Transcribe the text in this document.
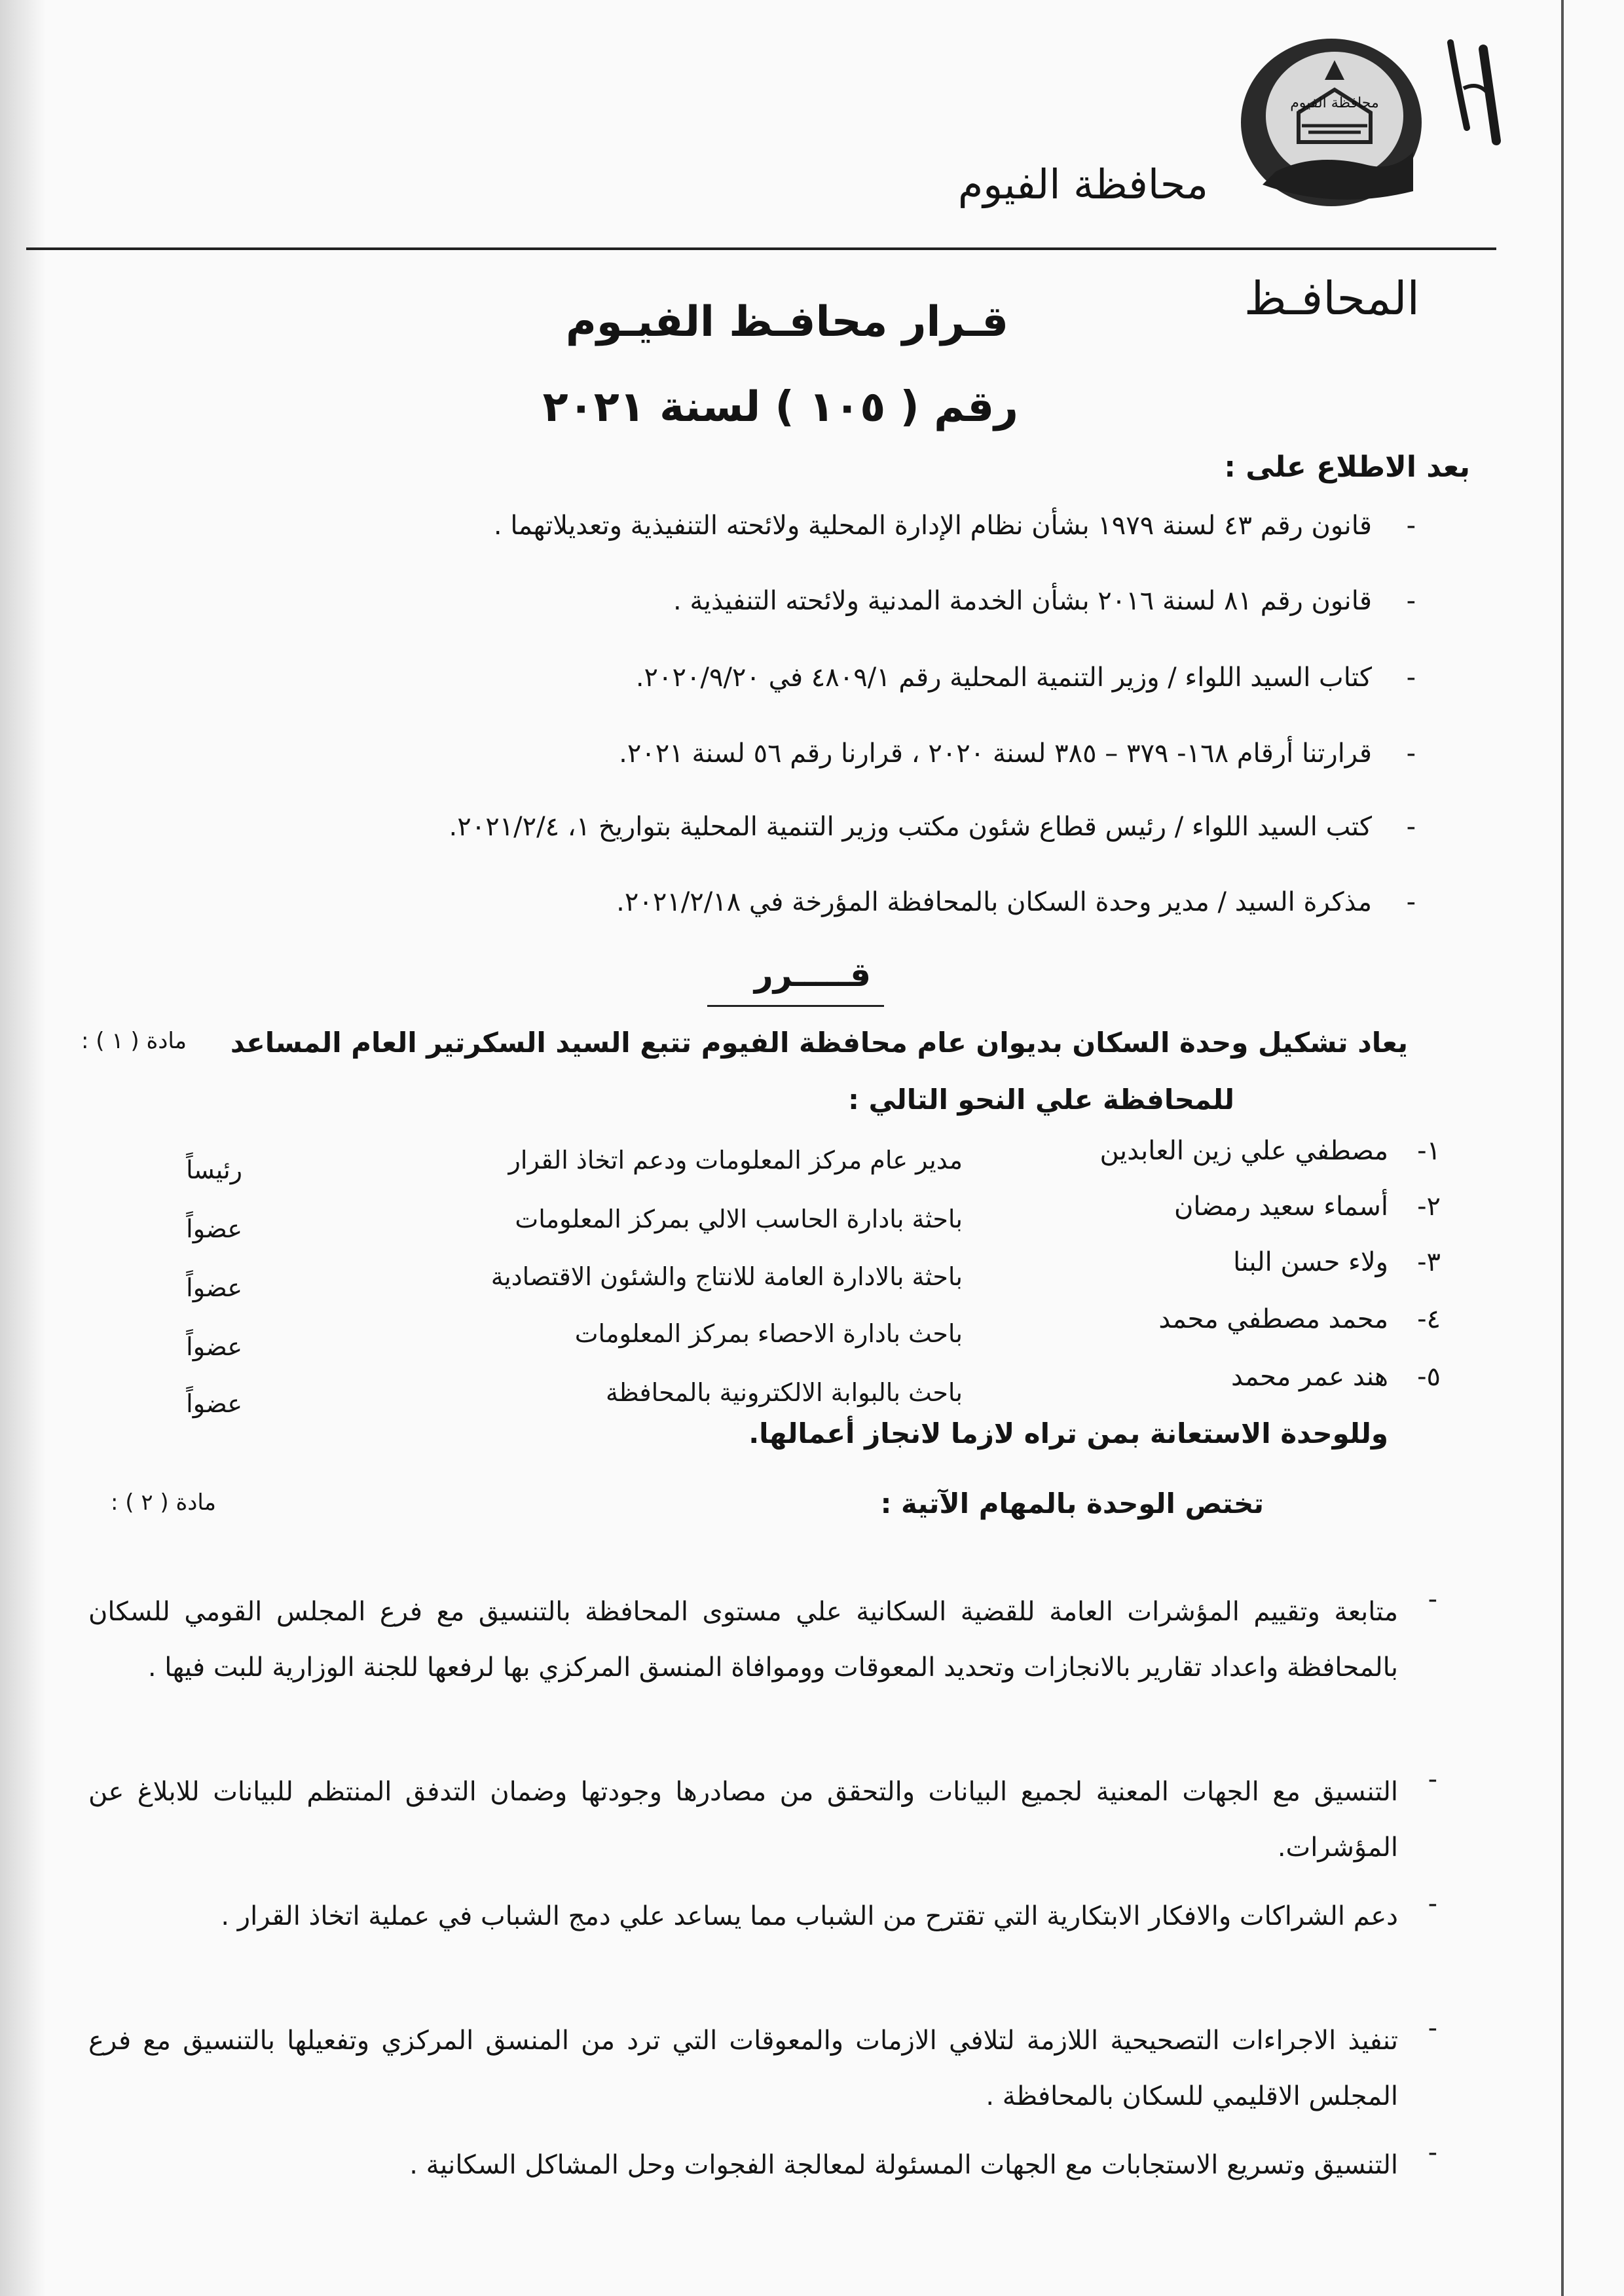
محافظة الفيوم
محافظة الفيوم
المحافـظ
قـرار محافـظ الفيـوم
رقم ( ١٠٥ ) لسنة ٢٠٢١
بعد الاطلاع على :
-
قانون رقم ٤٣ لسنة ١٩٧٩ بشأن نظام الإدارة المحلية ولائحته التنفيذية وتعديلاتهما .
-
قانون رقم ٨١ لسنة ٢٠١٦ بشأن الخدمة المدنية ولائحته التنفيذية .
-
كتاب السيد اللواء / وزير التنمية المحلية رقم ٤٨٠٩/١ في ٢٠٢٠/٩/٢٠.
-
قرارتنا أرقام ١٦٨- ٣٧٩ – ٣٨٥ لسنة ٢٠٢٠ ، قرارنا رقم ٥٦ لسنة ٢٠٢١.
-
كتب السيد اللواء / رئيس قطاع شئون مكتب وزير التنمية المحلية بتواريخ ١، ٢٠٢١/٢/٤.
-
مذكرة السيد / مدير وحدة السكان بالمحافظة المؤرخة في ٢٠٢١/٢/١٨.
قـــــرر
مادة ( ١ ) :	يعاد تشكيل وحدة السكان بديوان عام محافظة الفيوم تتبع السيد السكرتير العام المساعد
للمحافظة علي النحو التالي :
١-
مصطفي علي زين العابدين
مدير عام مركز المعلومات ودعم اتخاذ القرار
رئيساً
٢-
أسماء سعيد رمضان
باحثة بادارة الحاسب الالي بمركز المعلومات
عضواً
٣-
ولاء حسن البنا
باحثة بالادارة العامة للانتاج والشئون الاقتصادية
عضواً
٤-
محمد مصطفي محمد
باحث بادارة الاحصاء بمركز المعلومات
عضواً
٥-
هند عمر محمد
باحث بالبوابة الالكترونية بالمحافظة
عضواً
وللوحدة الاستعانة بمن تراه لازما لانجاز أعمالها.
مادة ( ٢ ) :	تختص الوحدة بالمهام الآتية :
-
متابعة وتقييم المؤشرات العامة للقضية السكانية علي مستوى المحافظة بالتنسيق مع فرع المجلس القومي للسكان بالمحافظة واعداد تقارير بالانجازات وتحديد المعوقات ووموافاة المنسق المركزي بها لرفعها للجنة الوزارية للبت فيها .
-
التنسيق مع الجهات المعنية لجميع البيانات والتحقق من مصادرها وجودتها وضمان التدفق المنتظم للبيانات للابلاغ عن المؤشرات.
-
دعم الشراكات والافكار الابتكارية التي تقترح من الشباب مما يساعد علي دمج الشباب في عملية اتخاذ القرار .
-
تنفيذ الاجراءات التصحيحية اللازمة لتلافي الازمات والمعوقات التي ترد من المنسق المركزي وتفعيلها بالتنسيق مع فرع المجلس الاقليمي للسكان بالمحافظة .
-
التنسيق وتسريع الاستجابات مع الجهات المسئولة لمعالجة الفجوات وحل المشاكل السكانية .
